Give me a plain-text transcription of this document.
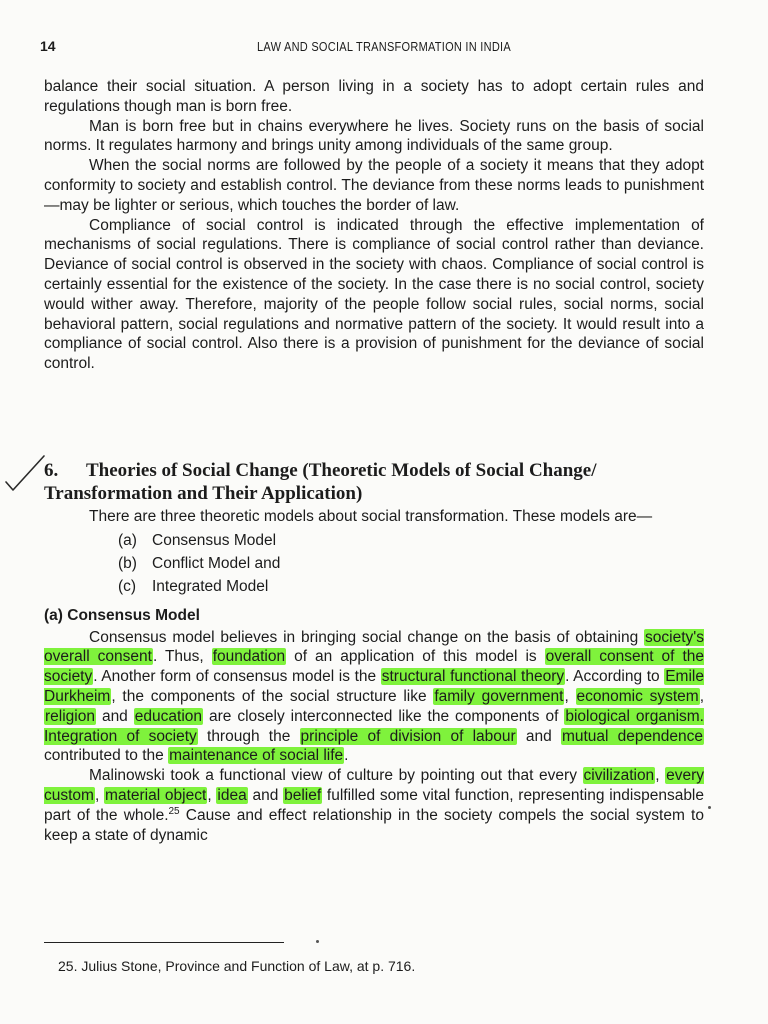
14	LAW AND SOCIAL TRANSFORMATION IN INDIA

balance their social situation. A person living in a society has to adopt certain rules and regulations though man is born free.

Man is born free but in chains everywhere he lives. Society runs on the basis of social norms. It regulates harmony and brings unity among individuals of the same group.

When the social norms are followed by the people of a society it means that they adopt conformity to society and establish control. The deviance from these norms leads to punishment—may be lighter or serious, which touches the border of law.

Compliance of social control is indicated through the effective implementation of mechanisms of social regulations. There is compliance of social control rather than deviance. Deviance of social control is observed in the society with chaos. Compliance of social control is certainly essential for the existence of the society. In the case there is no social control, society would wither away. Therefore, majority of the people follow social rules, social norms, social behavioral pattern, social regulations and normative pattern of the society. It would result into a compliance of social control. Also there is a provision of punishment for the deviance of social control.

6. Theories of Social Change (Theoretic Models of Social Change/ Transformation and Their Application)

There are three theoretic models about social transformation. These models are—

(a) Consensus Model
(b) Conflict Model and
(c) Integrated Model
(a) Consensus Model

Consensus model believes in bringing social change on the basis of obtaining society's overall consent. Thus, foundation of an application of this model is overall consent of the society. Another form of consensus model is the structural functional theory. According to Emile Durkheim, the components of the social structure like family government, economic system, religion and education are closely interconnected like the components of biological organism. Integration of society through the principle of division of labour and mutual dependence contributed to the maintenance of social life.

Malinowski took a functional view of culture by pointing out that every civilization, every custom, material object, idea and belief fulfilled some vital function, representing indispensable part of the whole.$^{25}$ Cause and effect relationship in the society compels the social system to keep a state of dynamic

25. Julius Stone, Province and Function of Law, at p. 716.
